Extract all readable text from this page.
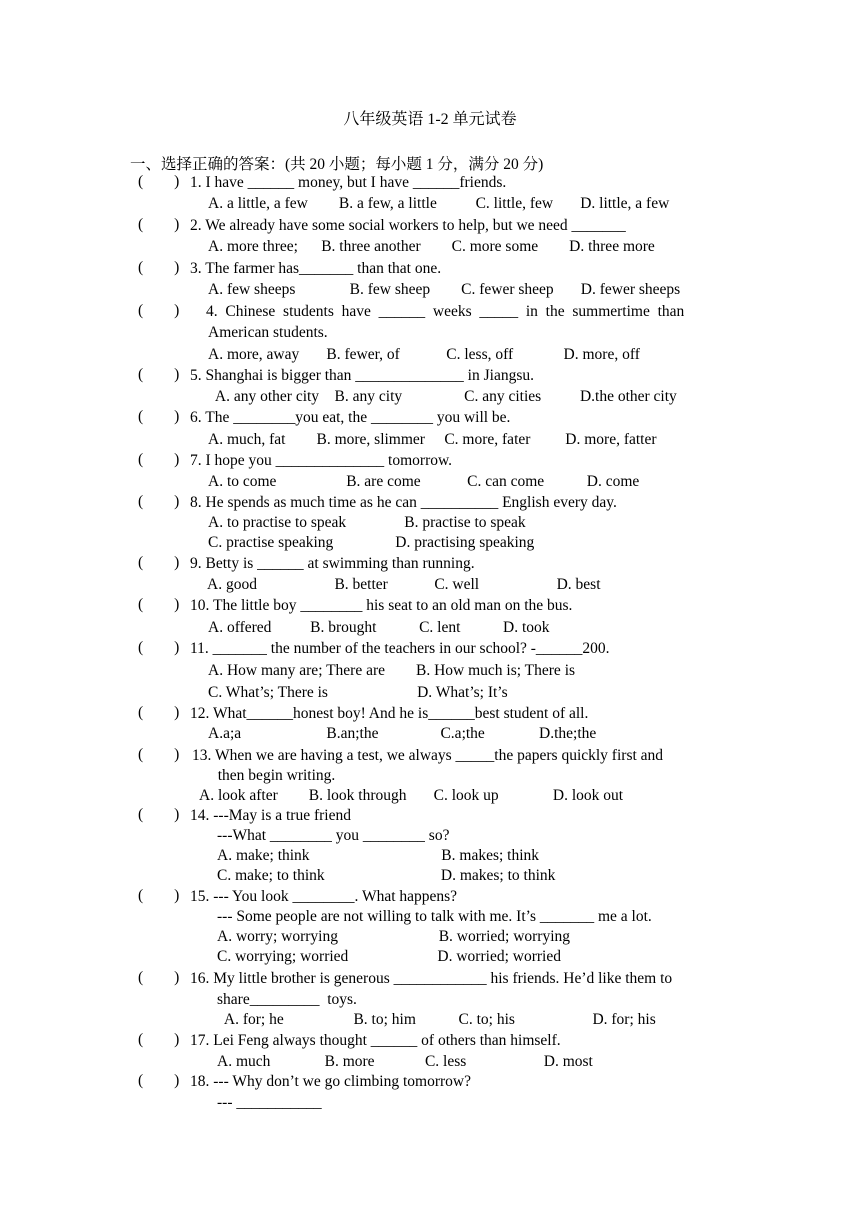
八年级英语 1-2 单元试卷
一、选择正确的答案：(共 20 小题；每小题 1 分，满分 20 分)
(        ) 1. I have ______ money, but I have ______friends.
A. a little, a few        B. a few, a little          C. little, few       D. little, a few
(        ) 2. We already have some social workers to help, but we need _______
A. more three;      B. three another        C. more some        D. three more
(        ) 3. The farmer has_______ than that one.
A. few sheeps              B. few sheep        C. fewer sheep       D. fewer sheeps
(        ) 4.  Chinese  students  have  ______  weeks  _____  in  the  summertime  than
American students.
A. more, away       B. fewer, of            C. less, off             D. more, off
(        ) 5. Shanghai is bigger than ______________ in Jiangsu.
A. any other city    B. any city                C. any cities          D.the other city
(        ) 6. The ________you eat, the ________ you will be.
A. much, fat        B. more, slimmer     C. more, fater         D. more, fatter
(        ) 7. I hope you ______________ tomorrow.
A. to come                  B. are come            C. can come           D. come
(        ) 8. He spends as much time as he can __________ English every day.
A. to practise to speak               B. practise to speak
C. practise speaking                D. practising speaking
(        ) 9. Betty is ______ at swimming than running.
A. good                    B. better            C. well                    D. best
(        ) 10. The little boy ________ his seat to an old man on the bus.
A. offered          B. brought           C. lent           D. took
(        ) 11. _______ the number of the teachers in our school? -______200.
A. How many are; There are        B. How much is; There is
C. What’s; There is                       D. What’s; It’s
(        ) 12. What______honest boy! And he is______best student of all.
A.a;a                      B.an;the                C.a;the              D.the;the
(        ) 13. When we are having a test, we always _____the papers quickly first and
then begin writing.
A. look after        B. look through       C. look up              D. look out
(        ) 14. ---May is a true friend
---What ________ you ________ so?
A. make; think                                  B. makes; think
C. make; to think                              D. makes; to think
(        ) 15. --- You look ________. What happens?
--- Some people are not willing to talk with me. It’s _______ me a lot.
A. worry; worrying                          B. worried; worrying
C. worrying; worried                       D. worried; worried
(        ) 16. My little brother is generous ____________ his friends. He’d like them to
share_________  toys.
A. for; he                  B. to; him           C. to; his                    D. for; his
(        ) 17. Lei Feng always thought ______ of others than himself.
A. much              B. more             C. less                    D. most
(        ) 18. --- Why don’t we go climbing tomorrow?
--- ___________
